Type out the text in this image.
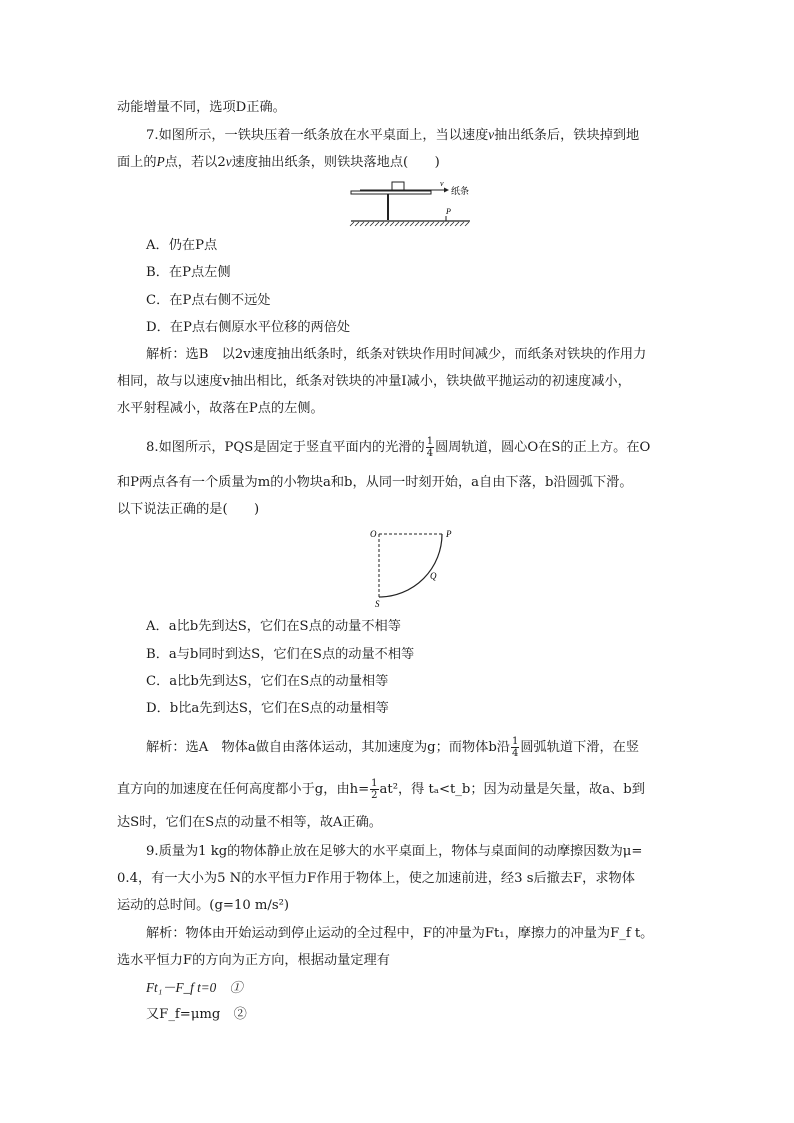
动能增量不同，选项D正确。
7.如图所示，一铁块压着一纸条放在水平桌面上，当以速度v抽出纸条后，铁块掉到地
面上的P点，若以2v速度抽出纸条，则铁块落地点(　　)
v
纸条
P
A．仍在P点
B．在P点左侧
C．在P点右侧不远处
D．在P点右侧原水平位移的两倍处
解析：选B　以2v速度抽出纸条时，纸条对铁块作用时间减少，而纸条对铁块的作用力
相同，故与以速度v抽出相比，纸条对铁块的冲量I减小，铁块做平抛运动的初速度减小，
水平射程减小，故落在P点的左侧。
8.如图所示，PQS是固定于竖直平面内的光滑的 $\frac{1}{4}$ 圆周轨道，圆心O在S的正上方。在O
和P两点各有一个质量为m的小物块a和b，从同一时刻开始，a自由下落，b沿圆弧下滑。
以下说法正确的是(　　)
O	P
Q
S
A．a比b先到达S，它们在S点的动量不相等
B．a与b同时到达S，它们在S点的动量不相等
C．a比b先到达S，它们在S点的动量相等
D．b比a先到达S，它们在S点的动量相等
解析：选A　物体a做自由落体运动，其加速度为g；而物体b沿 $\frac{1}{4}$ 圆弧轨道下滑，在竖
直方向的加速度在任何高度都小于g，由$h= \frac{1}{2} at^2$，得 tₐ<t_b；因为动量是矢量，故a、b到
达S时，它们在S点的动量不相等，故A正确。
9.质量为1 kg的物体静止放在足够大的水平桌面上，物体与桌面间的动摩擦因数为μ=
0.4，有一大小为5 N的水平恒力F作用于物体上，使之加速前进，经3 s后撤去F，求物体
运动的总时间。(g=10 m/s²)
解析：物体由开始运动到停止运动的全过程中，F的冲量为Ft₁，摩擦力的冲量为F_f t。
选水平恒力F的方向为正方向，根据动量定理有
Ft₁－F_f t=0　①
又F_f=μmg　②
